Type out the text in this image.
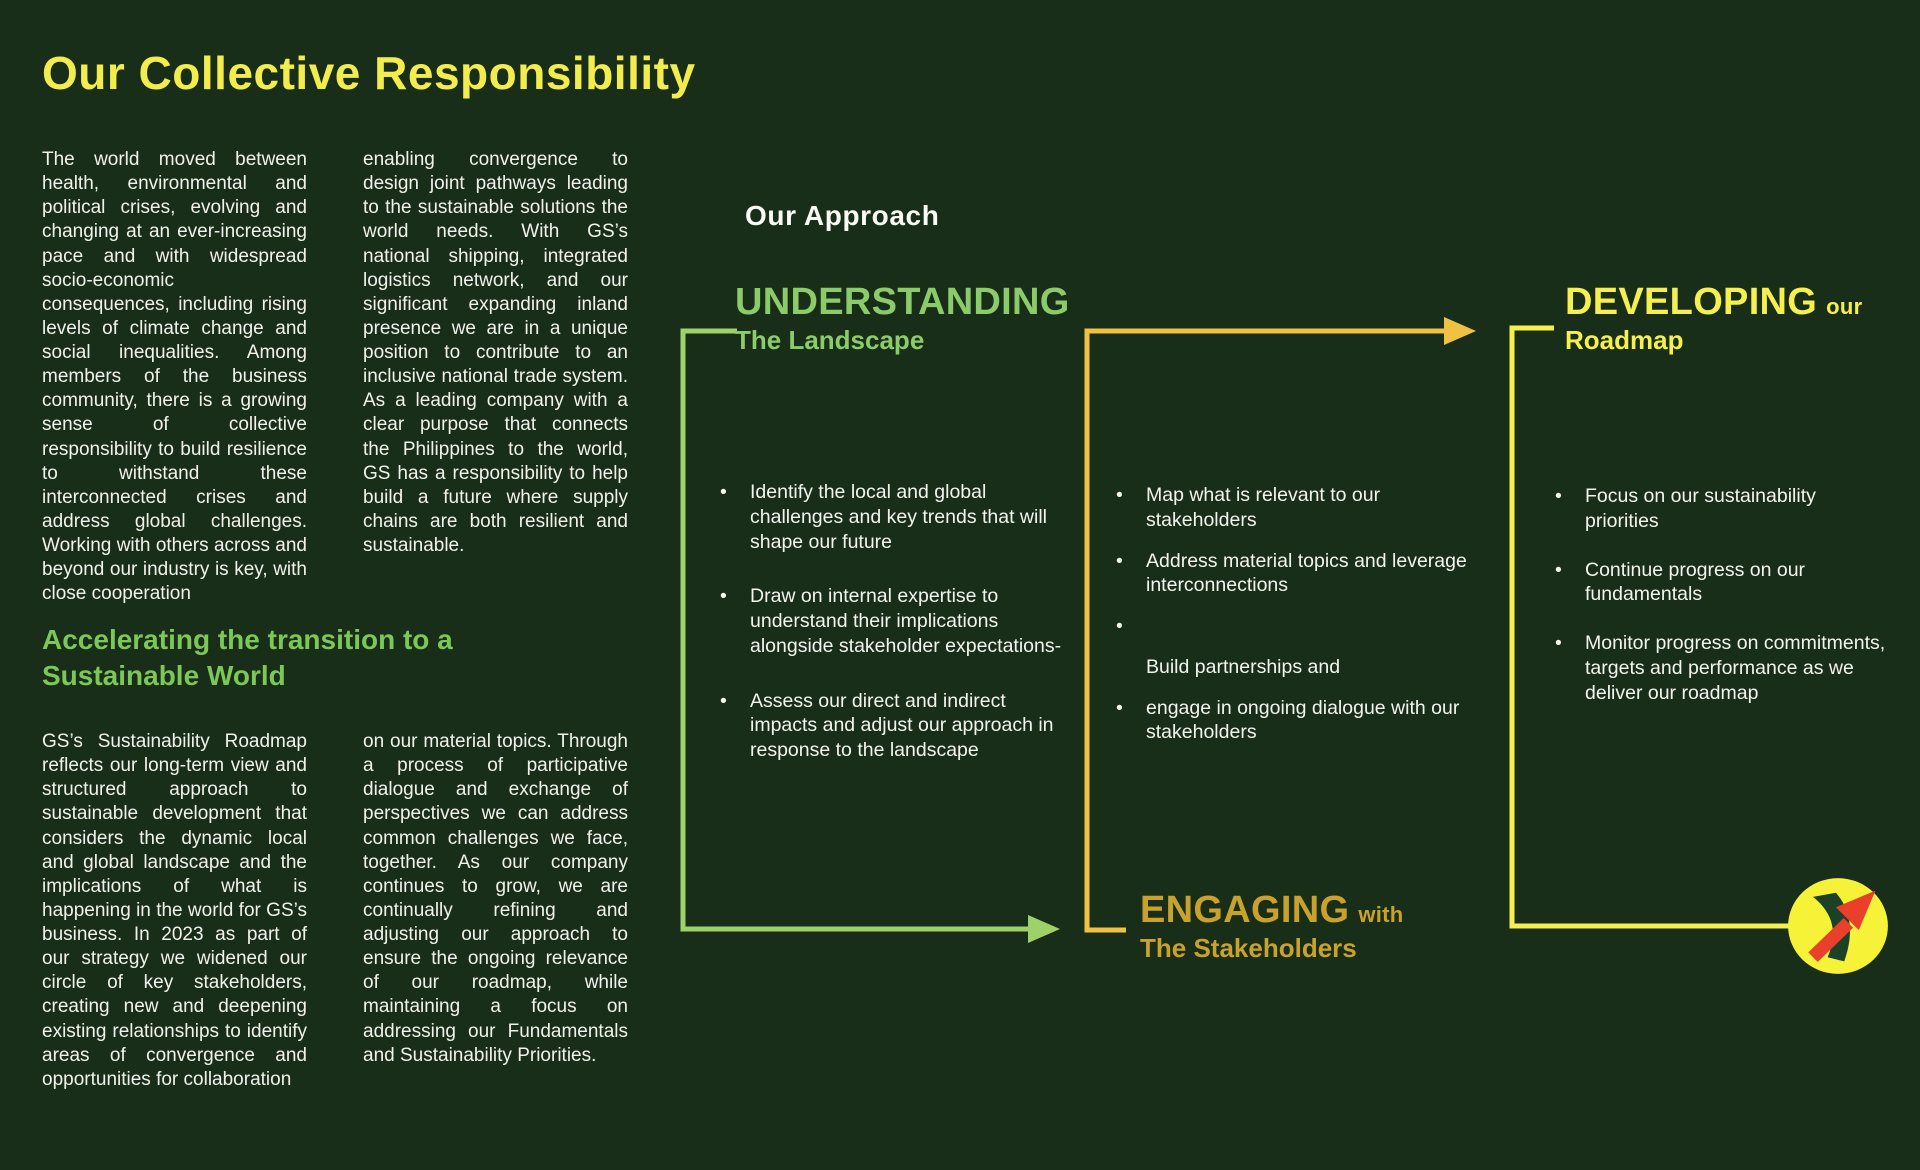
Our Collective Responsibility
The world moved between health, environmental and political crises, evolving and changing at an ever-increasing pace and with widespread socio-economic consequences, including rising levels of climate change and social inequalities. Among members of the business community, there is a growing sense of collective responsibility to build resilience to withstand these interconnected crises and address global challenges. Working with others across and beyond our industry is key, with close cooperation
enabling convergence to design joint pathways leading to the sustainable solutions the world needs. With GS’s national shipping, integrated logistics network, and our significant expanding inland presence we are in a unique position to contribute to an inclusive national trade system. As a leading company with a clear purpose that connects the Philippines to the world, GS has a responsibility to help build a future where supply chains are both resilient and sustainable.
Accelerating the transition to a Sustainable World
GS’s Sustainability Roadmap reflects our long-term view and structured approach to sustainable development that considers the dynamic local and global landscape and the implications of what is happening in the world for GS’s business. In 2023 as part of our strategy we widened our circle of key stakeholders, creating new and deepening existing relationships to identify areas of convergence and opportunities for collaboration
on our material topics. Through a process of participative dialogue and exchange of perspectives we can address common challenges we face, together. As our company continues to grow, we are continually refining and adjusting our approach to ensure the ongoing relevance of our roadmap, while maintaining a focus on addressing our Fundamentals and Sustainability Priorities.
Our Approach
UNDERSTANDING
The Landscape
ENGAGING with
The Stakeholders
DEVELOPING our
Roadmap
•	Identify the local and global challenges and key trends that will shape our future
•	Draw on internal expertise to understand their implications alongside stakeholder expectations-
•	Assess our direct and indirect impacts and adjust our approach in response to the landscape
•	Map what is relevant to our stakeholders
•	Address material topics and leverage interconnections
•
Build partnerships and
•	engage in ongoing dialogue with our stakeholders
•	Focus on our sustainability priorities
•	Continue progress on our fundamentals
•	Monitor progress on commitments, targets and performance as we deliver our roadmap
